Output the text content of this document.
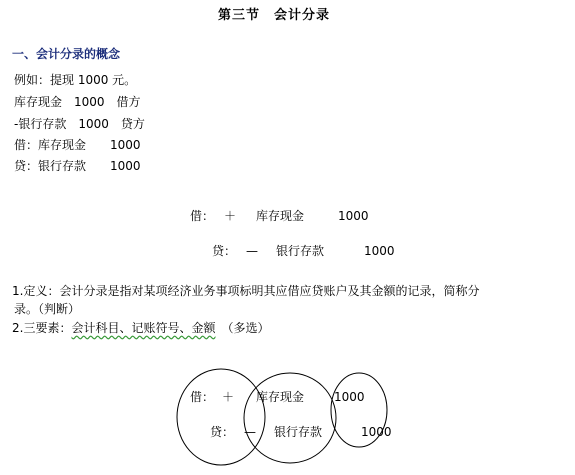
第三节　会计分录
一、会计分录的概念
例如：提现 1000 元。
库存现金　1000　借方
-银行存款　1000　贷方
借：库存现金　　1000
贷：银行存款　　1000
借： ＋ 库存现金	1000
贷： — 银行存款	1000
1.定义：会计分录是指对某项经济业务事项标明其应借应贷账户及其金额的记录，简称分
录。（判断）
2.三要素：会计科目、记账符号、金额　（多选）
借： ＋ 库存现金 1000
贷： — 银行存款	1000
